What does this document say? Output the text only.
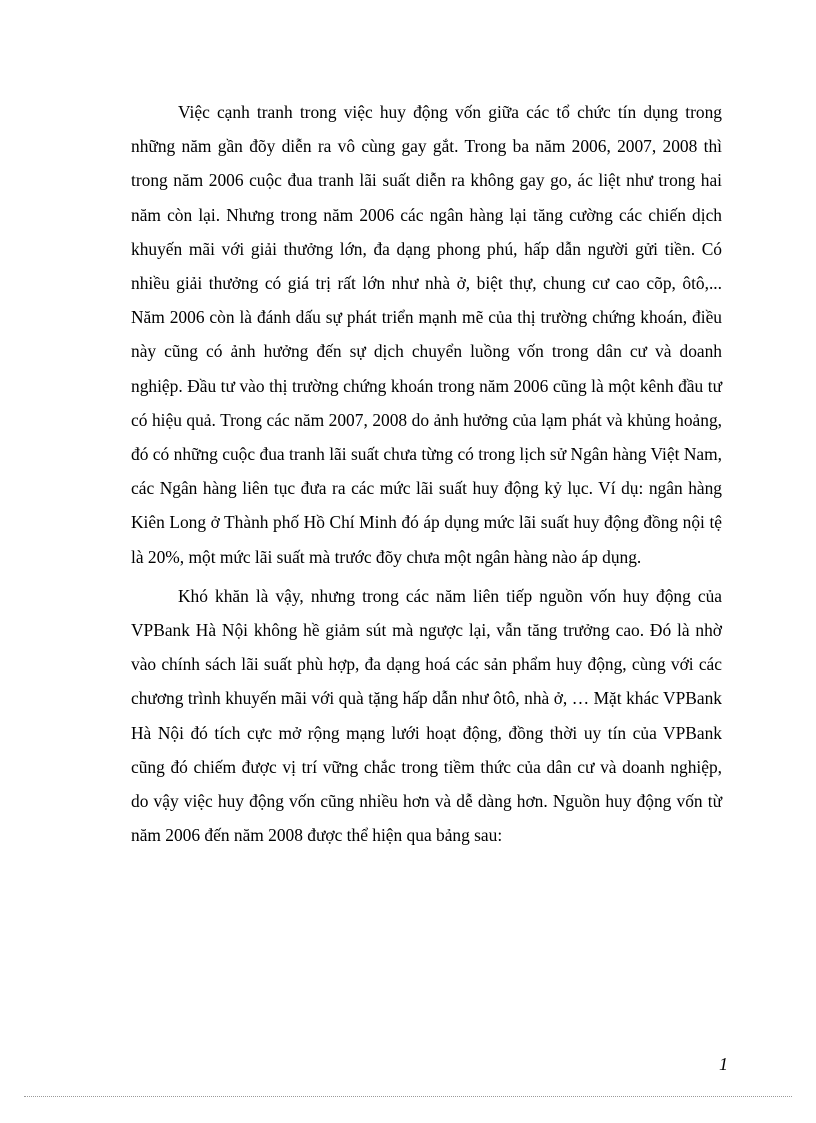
Việc cạnh tranh trong việc huy động vốn giữa các tổ chức tín dụng trong những năm gần đõy diễn ra vô cùng gay gắt. Trong ba năm 2006, 2007, 2008 thì trong năm 2006 cuộc đua tranh lãi suất diễn ra không gay go, ác liệt như trong hai năm còn lại. Nhưng trong năm 2006 các ngân hàng lại tăng cường các chiến dịch khuyến mãi với giải thưởng lớn, đa dạng phong phú, hấp dẫn người gửi tiền. Có nhiều giải thưởng có giá trị rất lớn như nhà ở, biệt thự, chung cư cao cõp, ôtô,... Năm 2006 còn là đánh dấu sự phát triển mạnh mẽ của thị trường chứng khoán, điều này cũng có ảnh hưởng đến sự dịch chuyển luồng vốn trong dân cư và doanh nghiệp. Đầu tư vào thị trường chứng khoán trong năm 2006 cũng là một kênh đầu tư có hiệu quả. Trong các năm 2007, 2008 do ảnh hưởng của lạm phát và khủng hoảng, đó có những cuộc đua tranh lãi suất chưa từng có trong lịch sử Ngân hàng Việt Nam, các Ngân hàng liên tục đưa ra các mức lãi suất huy động kỷ lục. Ví dụ: ngân hàng Kiên Long ở Thành phố Hồ Chí Minh đó áp dụng mức lãi suất huy động đồng nội tệ là 20%, một mức lãi suất mà trước đõy chưa một ngân hàng nào áp dụng.

Khó khăn là vậy, nhưng trong các năm liên tiếp nguồn vốn huy động của VPBank Hà Nội không hề giảm sút mà ngược lại, vẫn tăng trưởng cao. Đó là nhờ vào chính sách lãi suất phù hợp, đa dạng hoá các sản phẩm huy động, cùng với các chương trình khuyến mãi với quà tặng hấp dẫn như ôtô, nhà ở, … Mặt khác VPBank Hà Nội đó tích cực mở rộng mạng lưới hoạt động, đồng thời uy tín của VPBank cũng đó chiếm được vị trí vững chắc trong tiềm thức của dân cư và doanh nghiệp, do vậy việc huy động vốn cũng nhiều hơn và dễ dàng hơn. Nguồn huy động vốn từ năm 2006 đến năm 2008 được thể hiện qua bảng sau:

1
